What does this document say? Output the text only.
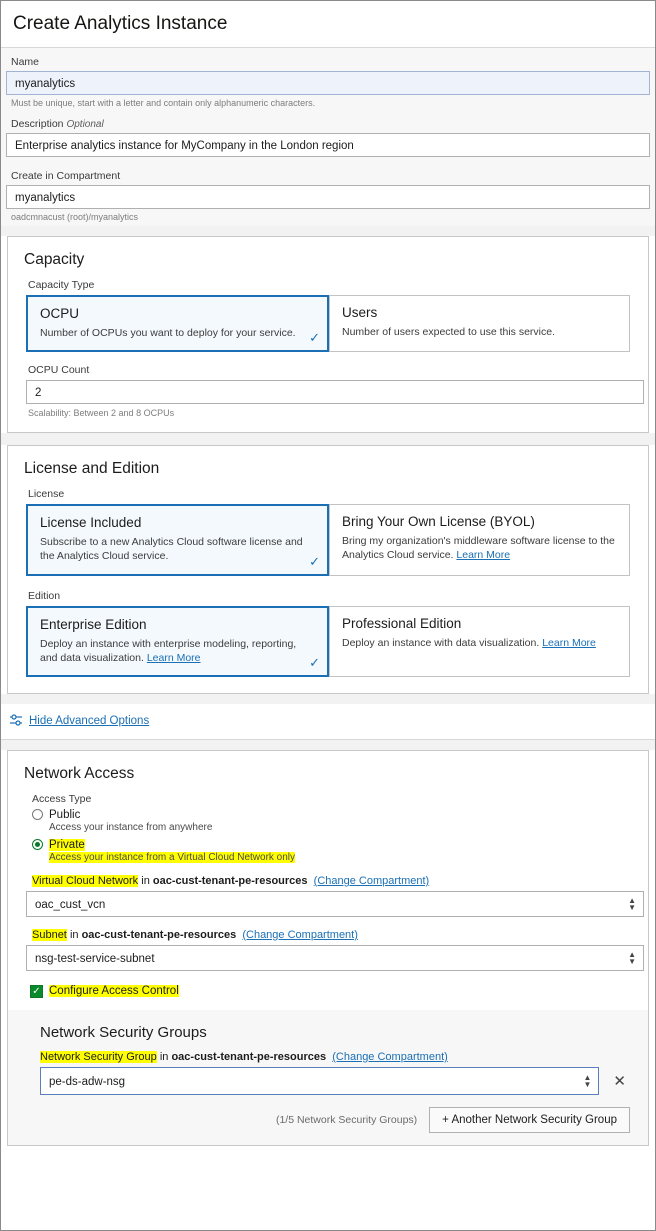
Create Analytics Instance
Name
myanalytics
Must be unique, start with a letter and contain only alphanumeric characters.
Description Optional
Enterprise analytics instance for MyCompany in the London region
Create in Compartment
myanalytics
oadcmnacust (root)/myanalytics
Capacity
Capacity Type
OCPU

Number of OCPUs you want to deploy for your service.	✓
Users

Number of users expected to use this service.

OCPU Count
2
Scalability: Between 2 and 8 OCPUs
License and Edition
License
License Included

Subscribe to a new Analytics Cloud software license and the Analytics Cloud service.	✓
Bring Your Own License (BYOL)

Bring my organization's middleware software license to the Analytics Cloud service. Learn More

Edition
Enterprise Edition

Deploy an instance with enterprise modeling, reporting, and data visualization. Learn More	✓
Professional Edition

Deploy an instance with data visualization. Learn More

Hide Advanced Options
Network Access
Access Type
Public
Access your instance from anywhere
Private
Access your instance from a Virtual Cloud Network only
Virtual Cloud Network in oac-cust-tenant-pe-resources (Change Compartment)
oac_cust_vcn	▲
▼
Subnet in oac-cust-tenant-pe-resources (Change Compartment)
nsg-test-service-subnet	▲
▼
✓ Configure Access Control
Network Security Groups
Network Security Group in oac-cust-tenant-pe-resources (Change Compartment)
pe-ds-adw-nsg	▲
▼ ✕
(1/5 Network Security Groups)	+ Another Network Security Group
